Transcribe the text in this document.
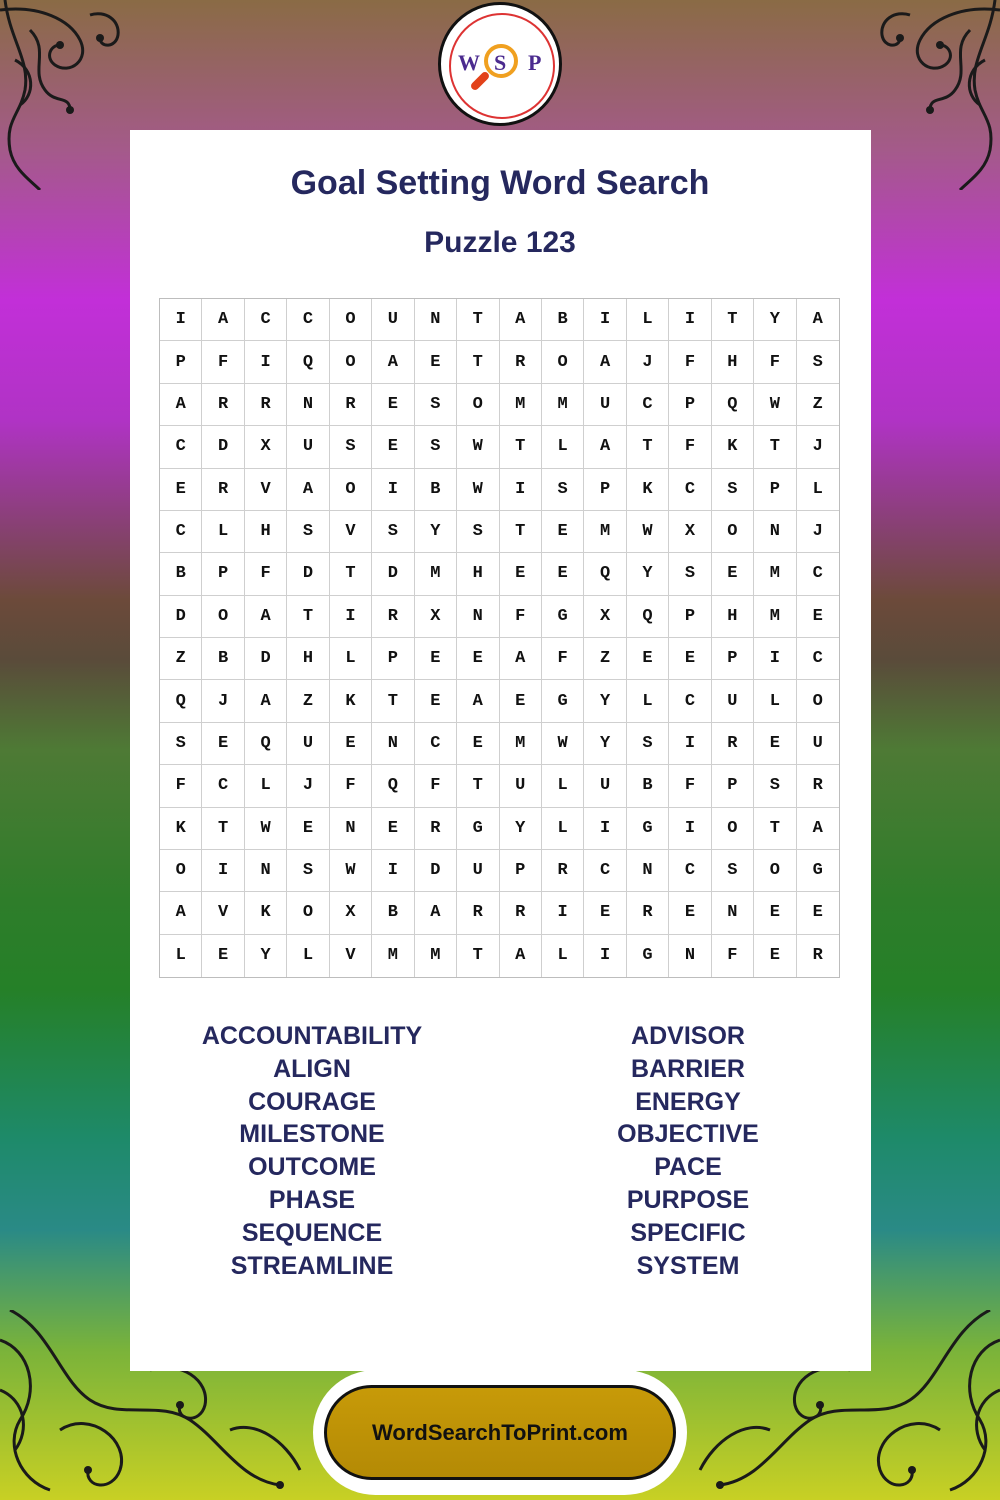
W S P
Goal Setting Word Search
Puzzle 123
I	A	C	C	O	U	N	T	A	B	I	L	I	T	Y	A
P	F	I	Q	O	A	E	T	R	O	A	J	F	H	F	S
A	R	R	N	R	E	S	O	M	M	U	C	P	Q	W	Z
C	D	X	U	S	E	S	W	T	L	A	T	F	K	T	J
E	R	V	A	O	I	B	W	I	S	P	K	C	S	P	L
C	L	H	S	V	S	Y	S	T	E	M	W	X	O	N	J
B	P	F	D	T	D	M	H	E	E	Q	Y	S	E	M	C
D	O	A	T	I	R	X	N	F	G	X	Q	P	H	M	E
Z	B	D	H	L	P	E	E	A	F	Z	E	E	P	I	C
Q	J	A	Z	K	T	E	A	E	G	Y	L	C	U	L	O
S	E	Q	U	E	N	C	E	M	W	Y	S	I	R	E	U
F	C	L	J	F	Q	F	T	U	L	U	B	F	P	S	R
K	T	W	E	N	E	R	G	Y	L	I	G	I	O	T	A
O	I	N	S	W	I	D	U	P	R	C	N	C	S	O	G
A	V	K	O	X	B	A	R	R	I	E	R	E	N	E	E
L	E	Y	L	V	M	M	T	A	L	I	G	N	F	E	R
ACCOUNTABILITY
ALIGN
COURAGE
MILESTONE
OUTCOME
PHASE
SEQUENCE
STREAMLINE
ADVISOR
BARRIER
ENERGY
OBJECTIVE
PACE
PURPOSE
SPECIFIC
SYSTEM
WordSearchToPrint.com
